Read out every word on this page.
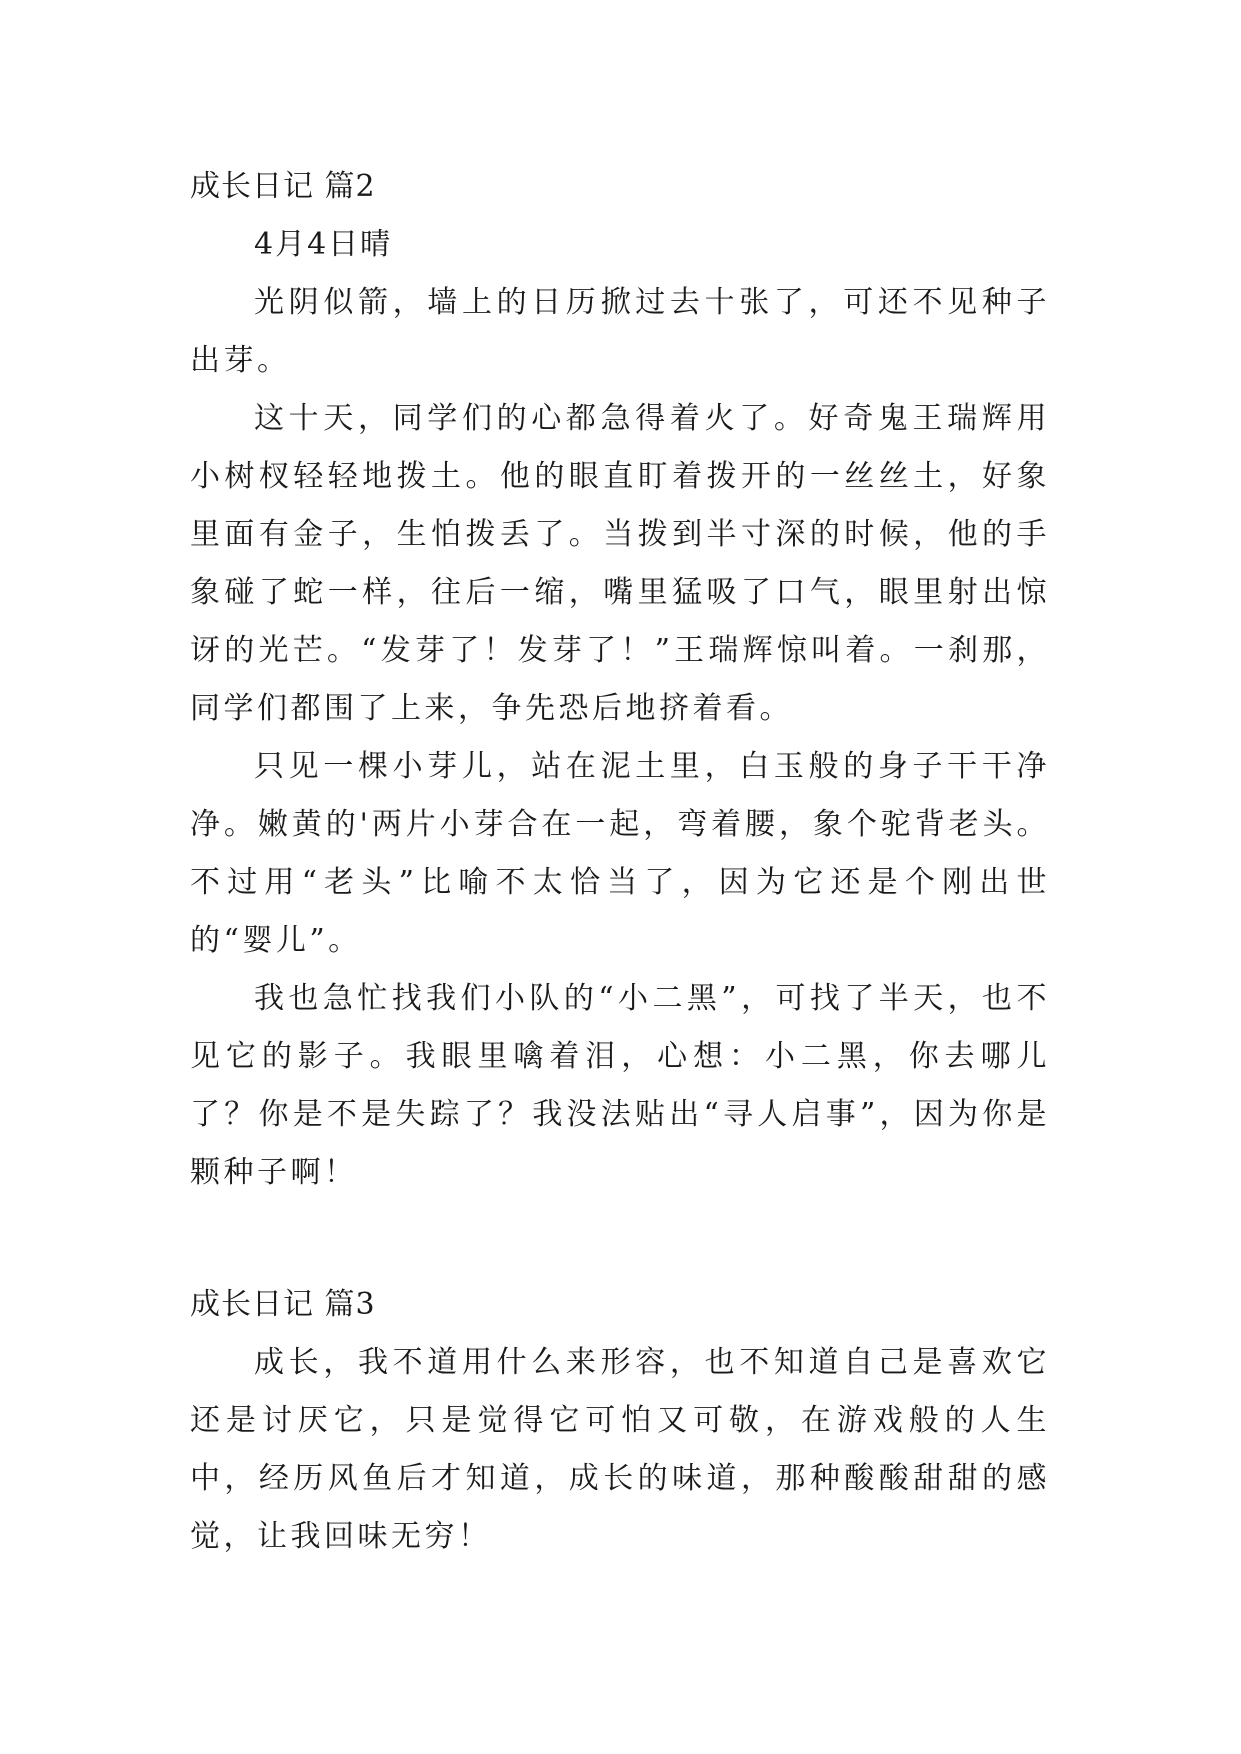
成长日记 篇2
4月4日晴

光阴似箭，墙上的日历掀过去十张了，可还不见种子出芽。

这十天，同学们的心都急得着火了。好奇鬼王瑞辉用小树杈轻轻地拨土。他的眼直盯着拨开的一丝丝土，好象里面有金子，生怕拨丢了。当拨到半寸深的时候，他的手象碰了蛇一样，往后一缩，嘴里猛吸了口气，眼里射出惊讶的光芒。“发芽了！发芽了！”王瑞辉惊叫着。一刹那，同学们都围了上来，争先恐后地挤着看。

只见一棵小芽儿，站在泥土里，白玉般的身子干干净净。嫩黄的'两片小芽合在一起，弯着腰，象个驼背老头。不过用“老头”比喻不太恰当了，因为它还是个刚出世的“婴儿”。

我也急忙找我们小队的“小二黑”，可找了半天，也不见它的影子。我眼里噙着泪，心想：小二黑，你去哪儿了？你是不是失踪了？我没法贴出“寻人启事”，因为你是颗种子啊！

成长日记 篇3

成长，我不道用什么来形容，也不知道自己是喜欢它还是讨厌它，只是觉得它可怕又可敬，在游戏般的人生中，经历风鱼后才知道，成长的味道，那种酸酸甜甜的感觉，让我回味无穷！
